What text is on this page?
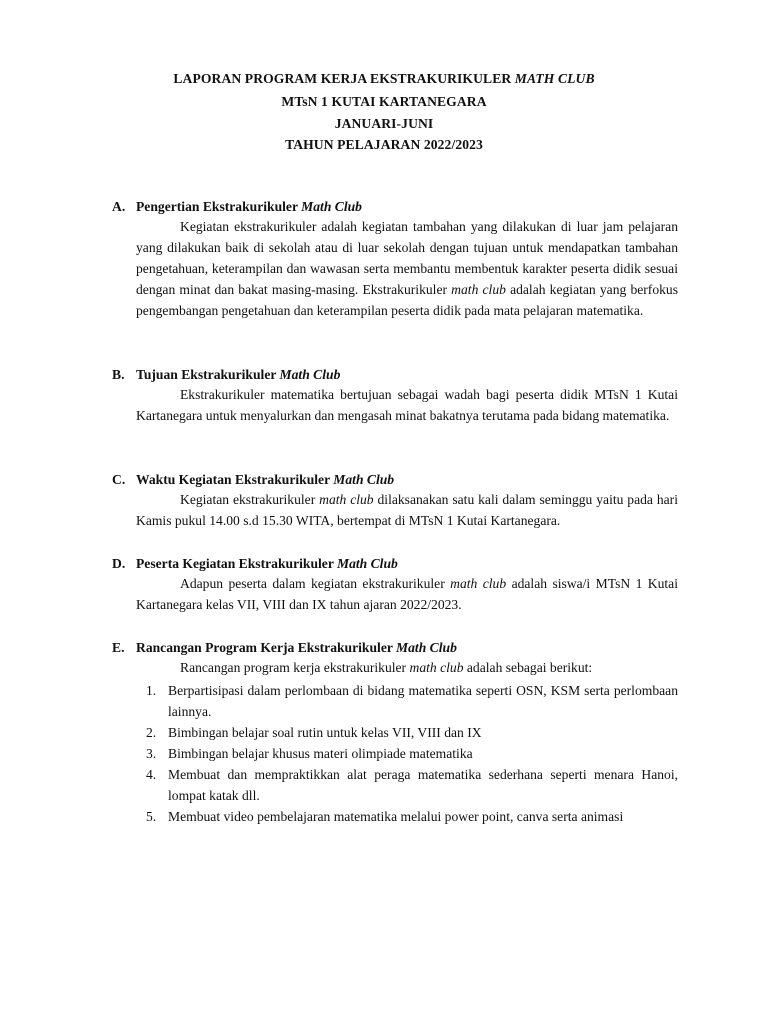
LAPORAN PROGRAM KERJA EKSTRAKURIKULER MATH CLUB
MTsN 1 KUTAI KARTANEGARA
JANUARI-JUNI
TAHUN PELAJARAN 2022/2023
A. Pengertian Ekstrakurikuler Math Club

Kegiatan ekstrakurikuler adalah kegiatan tambahan yang dilakukan di luar jam pelajaran yang dilakukan baik di sekolah atau di luar sekolah dengan tujuan untuk mendapatkan tambahan pengetahuan, keterampilan dan wawasan serta membantu membentuk karakter peserta didik sesuai dengan minat dan bakat masing-masing. Ekstrakurikuler math club adalah kegiatan yang berfokus pengembangan pengetahuan dan keterampilan peserta didik pada mata pelajaran matematika.

B. Tujuan Ekstrakurikuler Math Club

Ekstrakurikuler matematika bertujuan sebagai wadah bagi peserta didik MTsN 1 Kutai Kartanegara untuk menyalurkan dan mengasah minat bakatnya terutama pada bidang matematika.

C. Waktu Kegiatan Ekstrakurikuler Math Club

Kegiatan ekstrakurikuler math club dilaksanakan satu kali dalam seminggu yaitu pada hari Kamis pukul 14.00 s.d 15.30 WITA, bertempat di MTsN 1 Kutai Kartanegara.

D. Peserta Kegiatan Ekstrakurikuler Math Club

Adapun peserta dalam kegiatan ekstrakurikuler math club adalah siswa/i MTsN 1 Kutai Kartanegara kelas VII, VIII dan IX tahun ajaran 2022/2023.

E. Rancangan Program Kerja Ekstrakurikuler Math Club

Rancangan program kerja ekstrakurikuler math club adalah sebagai berikut:

1. Berpartisipasi dalam perlombaan di bidang matematika seperti OSN, KSM serta perlombaan lainnya.
2. Bimbingan belajar soal rutin untuk kelas VII, VIII dan IX
3. Bimbingan belajar khusus materi olimpiade matematika
4. Membuat dan mempraktikkan alat peraga matematika sederhana seperti menara Hanoi, lompat katak dll.
5. Membuat video pembelajaran matematika melalui power point, canva serta animasi
